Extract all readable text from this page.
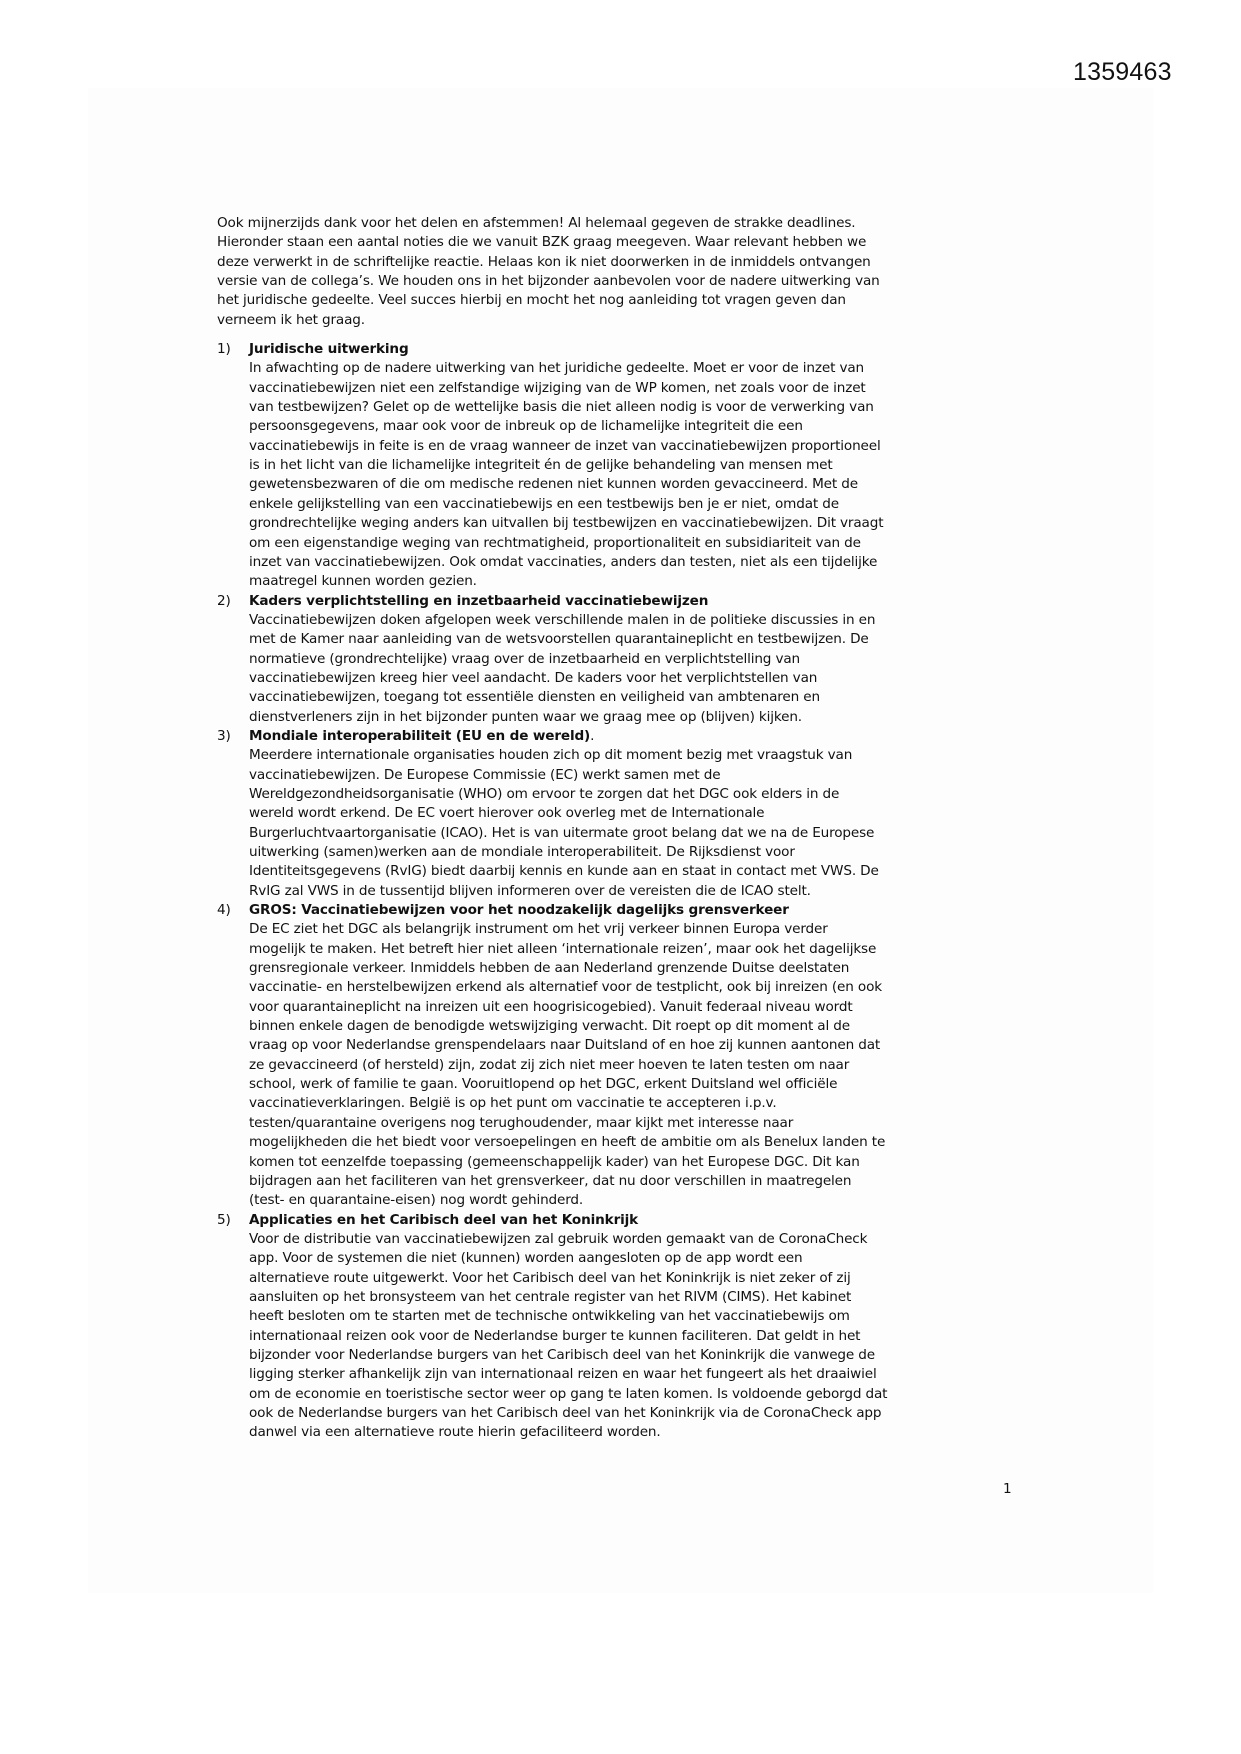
1359463
Ook mijnerzijds dank voor het delen en afstemmen! Al helemaal gegeven de strakke deadlines.
Hieronder staan een aantal noties die we vanuit BZK graag meegeven. Waar relevant hebben we
deze verwerkt in de schriftelijke reactie. Helaas kon ik niet doorwerken in de inmiddels ontvangen
versie van de collega’s. We houden ons in het bijzonder aanbevolen voor de nadere uitwerking van
het juridische gedeelte. Veel succes hierbij en mocht het nog aanleiding tot vragen geven dan
verneem ik het graag.
1) Juridische uitwerking
In afwachting op de nadere uitwerking van het juridiche gedeelte. Moet er voor de inzet van
vaccinatiebewijzen niet een zelfstandige wijziging van de WP komen, net zoals voor de inzet
van testbewijzen? Gelet op de wettelijke basis die niet alleen nodig is voor de verwerking van
persoonsgegevens, maar ook voor de inbreuk op de lichamelijke integriteit die een
vaccinatiebewijs in feite is en de vraag wanneer de inzet van vaccinatiebewijzen proportioneel
is in het licht van die lichamelijke integriteit én de gelijke behandeling van mensen met
gewetensbezwaren of die om medische redenen niet kunnen worden gevaccineerd. Met de
enkele gelijkstelling van een vaccinatiebewijs en een testbewijs ben je er niet, omdat de
grondrechtelijke weging anders kan uitvallen bij testbewijzen en vaccinatiebewijzen. Dit vraagt
om een eigenstandige weging van rechtmatigheid, proportionaliteit en subsidiariteit van de
inzet van vaccinatiebewijzen. Ook omdat vaccinaties, anders dan testen, niet als een tijdelijke
maatregel kunnen worden gezien.
2) Kaders verplichtstelling en inzetbaarheid vaccinatiebewijzen
Vaccinatiebewijzen doken afgelopen week verschillende malen in de politieke discussies in en
met de Kamer naar aanleiding van de wetsvoorstellen quarantaineplicht en testbewijzen. De
normatieve (grondrechtelijke) vraag over de inzetbaarheid en verplichtstelling van
vaccinatiebewijzen kreeg hier veel aandacht. De kaders voor het verplichtstellen van
vaccinatiebewijzen, toegang tot essentiële diensten en veiligheid van ambtenaren en
dienstverleners zijn in het bijzonder punten waar we graag mee op (blijven) kijken.
3) Mondiale interoperabiliteit (EU en de wereld).
Meerdere internationale organisaties houden zich op dit moment bezig met vraagstuk van
vaccinatiebewijzen. De Europese Commissie (EC) werkt samen met de
Wereldgezondheidsorganisatie (WHO) om ervoor te zorgen dat het DGC ook elders in de
wereld wordt erkend. De EC voert hierover ook overleg met de Internationale
Burgerluchtvaartorganisatie (ICAO). Het is van uitermate groot belang dat we na de Europese
uitwerking (samen)werken aan de mondiale interoperabiliteit. De Rijksdienst voor
Identiteitsgegevens (RvIG) biedt daarbij kennis en kunde aan en staat in contact met VWS. De
RvIG zal VWS in de tussentijd blijven informeren over de vereisten die de ICAO stelt.
4) GROS: Vaccinatiebewijzen voor het noodzakelijk dagelijks grensverkeer
De EC ziet het DGC als belangrijk instrument om het vrij verkeer binnen Europa verder
mogelijk te maken. Het betreft hier niet alleen ‘internationale reizen’, maar ook het dagelijkse
grensregionale verkeer. Inmiddels hebben de aan Nederland grenzende Duitse deelstaten
vaccinatie- en herstelbewijzen erkend als alternatief voor de testplicht, ook bij inreizen (en ook
voor quarantaineplicht na inreizen uit een hoogrisicogebied). Vanuit federaal niveau wordt
binnen enkele dagen de benodigde wetswijziging verwacht. Dit roept op dit moment al de
vraag op voor Nederlandse grenspendelaars naar Duitsland of en hoe zij kunnen aantonen dat
ze gevaccineerd (of hersteld) zijn, zodat zij zich niet meer hoeven te laten testen om naar
school, werk of familie te gaan. Vooruitlopend op het DGC, erkent Duitsland wel officiële
vaccinatieverklaringen. België is op het punt om vaccinatie te accepteren i.p.v.
testen/quarantaine overigens nog terughoudender, maar kijkt met interesse naar
mogelijkheden die het biedt voor versoepelingen en heeft de ambitie om als Benelux landen te
komen tot eenzelfde toepassing (gemeenschappelijk kader) van het Europese DGC. Dit kan
bijdragen aan het faciliteren van het grensverkeer, dat nu door verschillen in maatregelen
(test- en quarantaine-eisen) nog wordt gehinderd.
5) Applicaties en het Caribisch deel van het Koninkrijk
Voor de distributie van vaccinatiebewijzen zal gebruik worden gemaakt van de CoronaCheck
app. Voor de systemen die niet (kunnen) worden aangesloten op de app wordt een
alternatieve route uitgewerkt. Voor het Caribisch deel van het Koninkrijk is niet zeker of zij
aansluiten op het bronsysteem van het centrale register van het RIVM (CIMS). Het kabinet
heeft besloten om te starten met de technische ontwikkeling van het vaccinatiebewijs om
internationaal reizen ook voor de Nederlandse burger te kunnen faciliteren. Dat geldt in het
bijzonder voor Nederlandse burgers van het Caribisch deel van het Koninkrijk die vanwege de
ligging sterker afhankelijk zijn van internationaal reizen en waar het fungeert als het draaiwiel
om de economie en toeristische sector weer op gang te laten komen. Is voldoende geborgd dat
ook de Nederlandse burgers van het Caribisch deel van het Koninkrijk via de CoronaCheck app
danwel via een alternatieve route hierin gefaciliteerd worden.
1
